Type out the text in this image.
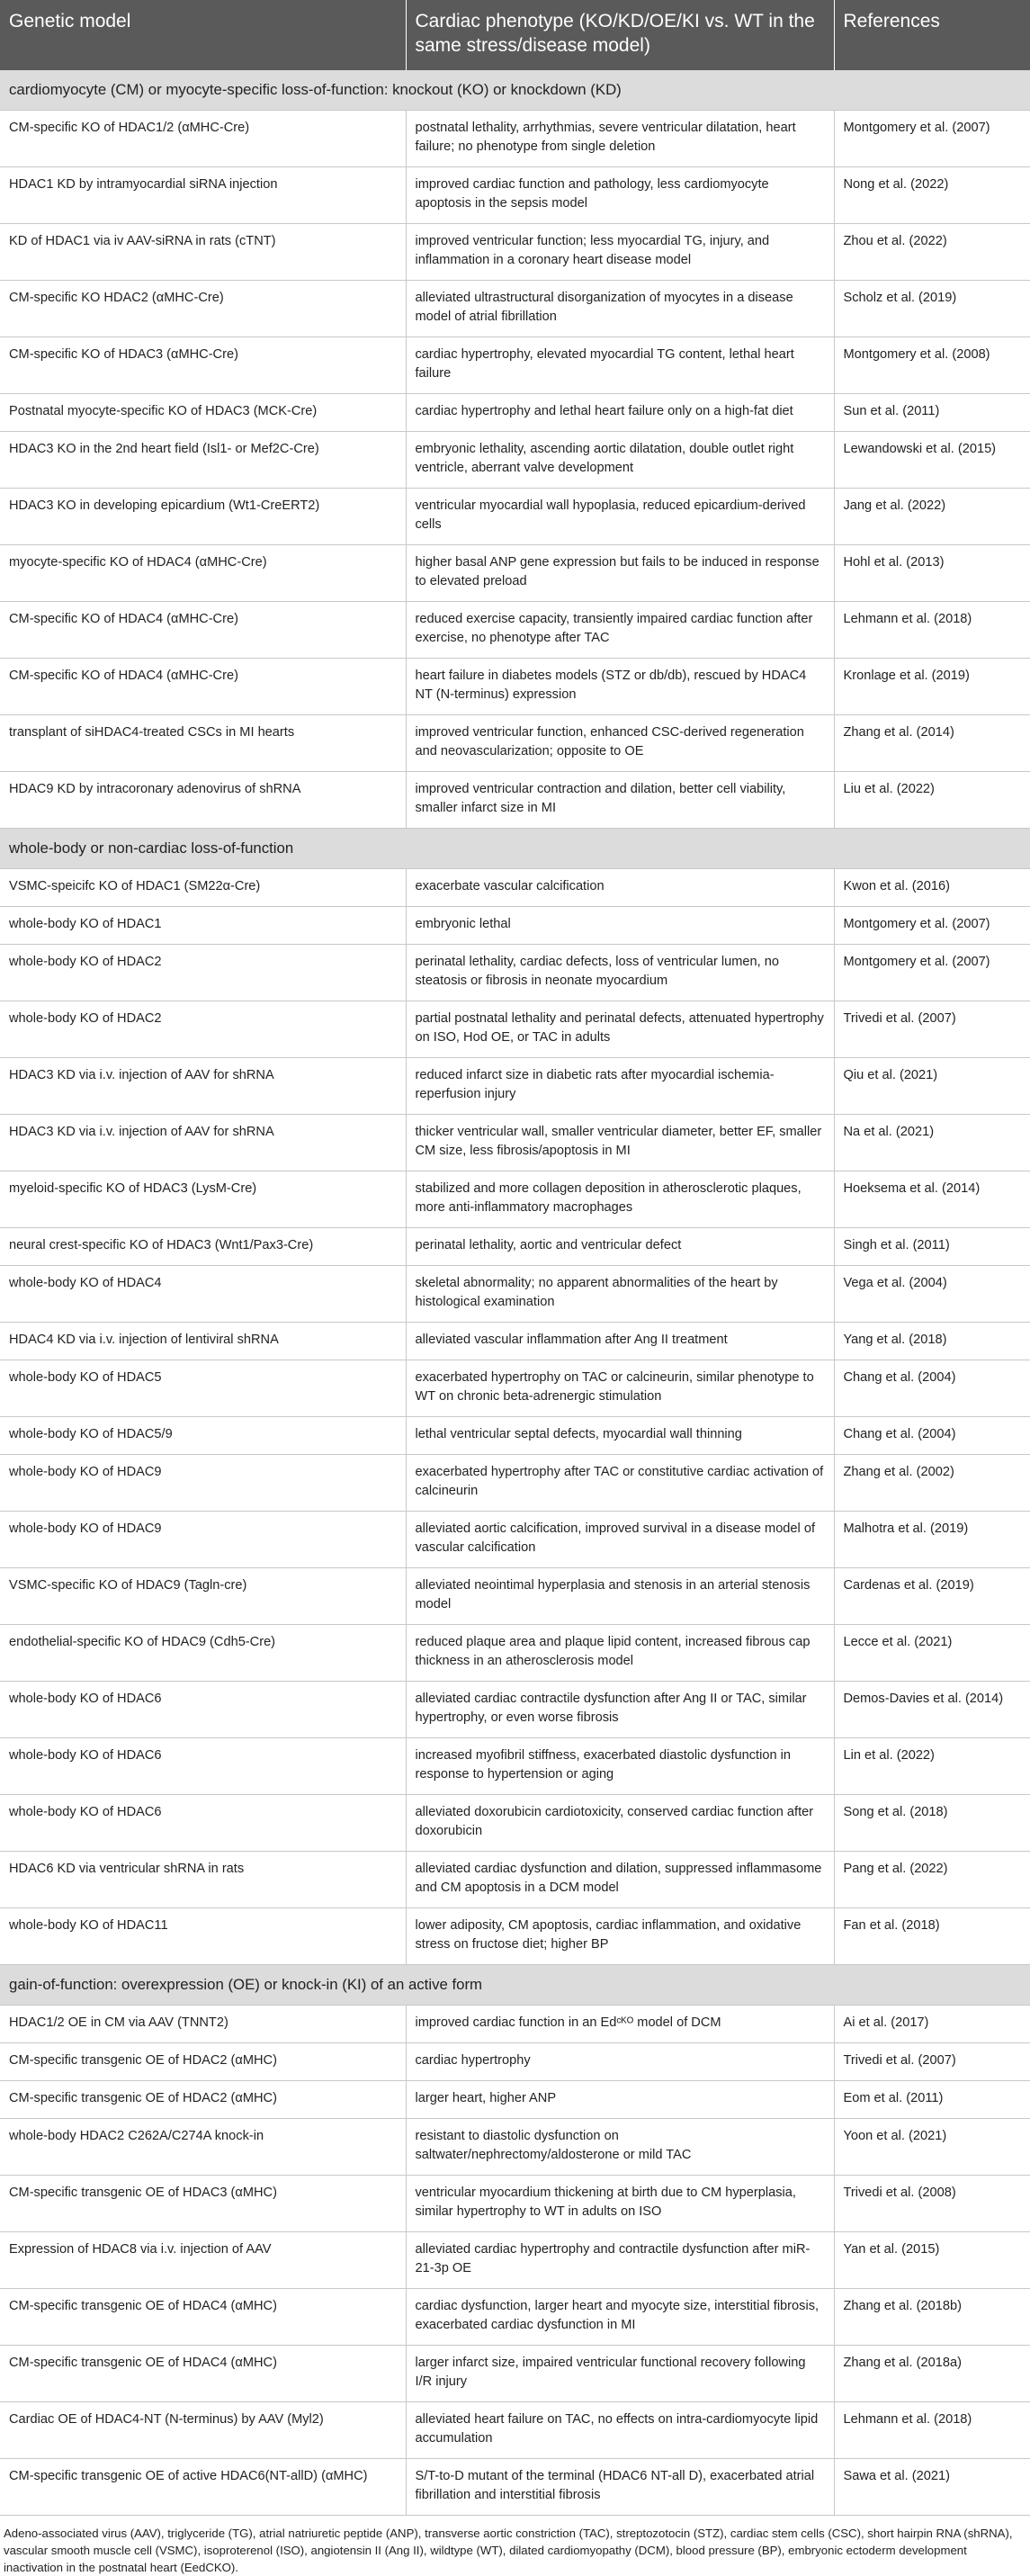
Genetic model	Cardiac phenotype (KO/KD/OE/KI vs. WT in the same stress/disease model)	References
cardiomyocyte (CM) or myocyte-specific loss-of-function: knockout (KO) or knockdown (KD)		
CM-specific KO of HDAC1/2 (αMHC-Cre)	postnatal lethality, arrhythmias, severe ventricular dilatation, heart failure; no phenotype from single deletion	Montgomery et al. (2007)
HDAC1 KD by intramyocardial siRNA injection	improved cardiac function and pathology, less cardiomyocyte apoptosis in the sepsis model	Nong et al. (2022)
KD of HDAC1 via iv AAV-siRNA in rats (cTNT)	improved ventricular function; less myocardial TG, injury, and inflammation in a coronary heart disease model	Zhou et al. (2022)
CM-specific KO HDAC2 (αMHC-Cre)	alleviated ultrastructural disorganization of myocytes in a disease model of atrial fibrillation	Scholz et al. (2019)
CM-specific KO of HDAC3 (αMHC-Cre)	cardiac hypertrophy, elevated myocardial TG content, lethal heart failure	Montgomery et al. (2008)
Postnatal myocyte-specific KO of HDAC3 (MCK-Cre)	cardiac hypertrophy and lethal heart failure only on a high-fat diet	Sun et al. (2011)
HDAC3 KO in the 2nd heart field (Isl1- or Mef2C-Cre)	embryonic lethality, ascending aortic dilatation, double outlet right ventricle, aberrant valve development	Lewandowski et al. (2015)
HDAC3 KO in developing epicardium (Wt1-CreERT2)	ventricular myocardial wall hypoplasia, reduced epicardium-derived cells	Jang et al. (2022)
myocyte-specific KO of HDAC4 (αMHC-Cre)	higher basal ANP gene expression but fails to be induced in response to elevated preload	Hohl et al. (2013)
CM-specific KO of HDAC4 (αMHC-Cre)	reduced exercise capacity, transiently impaired cardiac function after exercise, no phenotype after TAC	Lehmann et al. (2018)
CM-specific KO of HDAC4 (αMHC-Cre)	heart failure in diabetes models (STZ or db/db), rescued by HDAC4 NT (N-terminus) expression	Kronlage et al. (2019)
transplant of siHDAC4-treated CSCs in MI hearts	improved ventricular function, enhanced CSC-derived regeneration and neovascularization; opposite to OE	Zhang et al. (2014)
HDAC9 KD by intracoronary adenovirus of shRNA	improved ventricular contraction and dilation, better cell viability, smaller infarct size in MI	Liu et al. (2022)
whole-body or non-cardiac loss-of-function		
VSMC-speicifc KO of HDAC1 (SM22α-Cre)	exacerbate vascular calcification	Kwon et al. (2016)
whole-body KO of HDAC1	embryonic lethal	Montgomery et al. (2007)
whole-body KO of HDAC2	perinatal lethality, cardiac defects, loss of ventricular lumen, no steatosis or fibrosis in neonate myocardium	Montgomery et al. (2007)
whole-body KO of HDAC2	partial postnatal lethality and perinatal defects, attenuated hypertrophy on ISO, Hod OE, or TAC in adults	Trivedi et al. (2007)
HDAC3 KD via i.v. injection of AAV for shRNA	reduced infarct size in diabetic rats after myocardial ischemia-reperfusion injury	Qiu et al. (2021)
HDAC3 KD via i.v. injection of AAV for shRNA	thicker ventricular wall, smaller ventricular diameter, better EF, smaller CM size, less fibrosis/apoptosis in MI	Na et al. (2021)
myeloid-specific KO of HDAC3 (LysM-Cre)	stabilized and more collagen deposition in atherosclerotic plaques, more anti-inflammatory macrophages	Hoeksema et al. (2014)
neural crest-specific KO of HDAC3 (Wnt1/Pax3-Cre)	perinatal lethality, aortic and ventricular defect	Singh et al. (2011)
whole-body KO of HDAC4	skeletal abnormality; no apparent abnormalities of the heart by histological examination	Vega et al. (2004)
HDAC4 KD via i.v. injection of lentiviral shRNA	alleviated vascular inflammation after Ang II treatment	Yang et al. (2018)
whole-body KO of HDAC5	exacerbated hypertrophy on TAC or calcineurin, similar phenotype to WT on chronic beta-adrenergic stimulation	Chang et al. (2004)
whole-body KO of HDAC5/9	lethal ventricular septal defects, myocardial wall thinning	Chang et al. (2004)
whole-body KO of HDAC9	exacerbated hypertrophy after TAC or constitutive cardiac activation of calcineurin	Zhang et al. (2002)
whole-body KO of HDAC9	alleviated aortic calcification, improved survival in a disease model of vascular calcification	Malhotra et al. (2019)
VSMC-specific KO of HDAC9 (Tagln-cre)	alleviated neointimal hyperplasia and stenosis in an arterial stenosis model	Cardenas et al. (2019)
endothelial-specific KO of HDAC9 (Cdh5-Cre)	reduced plaque area and plaque lipid content, increased fibrous cap thickness in an atherosclerosis model	Lecce et al. (2021)
whole-body KO of HDAC6	alleviated cardiac contractile dysfunction after Ang II or TAC, similar hypertrophy, or even worse fibrosis	Demos-Davies et al. (2014)
whole-body KO of HDAC6	increased myofibril stiffness, exacerbated diastolic dysfunction in response to hypertension or aging	Lin et al. (2022)
whole-body KO of HDAC6	alleviated doxorubicin cardiotoxicity, conserved cardiac function after doxorubicin	Song et al. (2018)
HDAC6 KD via ventricular shRNA in rats	alleviated cardiac dysfunction and dilation, suppressed inflammasome and CM apoptosis in a DCM model	Pang et al. (2022)
whole-body KO of HDAC11	lower adiposity, CM apoptosis, cardiac inflammation, and oxidative stress on fructose diet; higher BP	Fan et al. (2018)
gain-of-function: overexpression (OE) or knock-in (KI) of an active form		
HDAC1/2 OE in CM via AAV (TNNT2)	improved cardiac function in an Edᶜᴷᴼ model of DCM	Ai et al. (2017)
CM-specific transgenic OE of HDAC2 (αMHC)	cardiac hypertrophy	Trivedi et al. (2007)
CM-specific transgenic OE of HDAC2 (αMHC)	larger heart, higher ANP	Eom et al. (2011)
whole-body HDAC2 C262A/C274A knock-in	resistant to diastolic dysfunction on saltwater/nephrectomy/aldosterone or mild TAC	Yoon et al. (2021)
CM-specific transgenic OE of HDAC3 (αMHC)	ventricular myocardium thickening at birth due to CM hyperplasia, similar hypertrophy to WT in adults on ISO	Trivedi et al. (2008)
Expression of HDAC8 via i.v. injection of AAV	alleviated cardiac hypertrophy and contractile dysfunction after miR-21-3p OE	Yan et al. (2015)
CM-specific transgenic OE of HDAC4 (αMHC)	cardiac dysfunction, larger heart and myocyte size, interstitial fibrosis, exacerbated cardiac dysfunction in MI	Zhang et al. (2018b)
CM-specific transgenic OE of HDAC4 (αMHC)	larger infarct size, impaired ventricular functional recovery following I/R injury	Zhang et al. (2018a)
Cardiac OE of HDAC4-NT (N-terminus) by AAV (Myl2)	alleviated heart failure on TAC, no effects on intra-cardiomyocyte lipid accumulation	Lehmann et al. (2018)
CM-specific transgenic OE of active HDAC6(NT-allD) (αMHC)	S/T-to-D mutant of the terminal (HDAC6 NT-all D), exacerbated atrial fibrillation and interstitial fibrosis	Sawa et al. (2021)
Adeno-associated virus (AAV), triglyceride (TG), atrial natriuretic peptide (ANP), transverse aortic constriction (TAC), streptozotocin (STZ), cardiac stem cells (CSC), short hairpin RNA (shRNA), vascular smooth muscle cell (VSMC), isoproterenol (ISO), angiotensin II (Ang II), wildtype (WT), dilated cardiomyopathy (DCM), blood pressure (BP), embryonic ectoderm development inactivation in the postnatal heart (EedCKO).
